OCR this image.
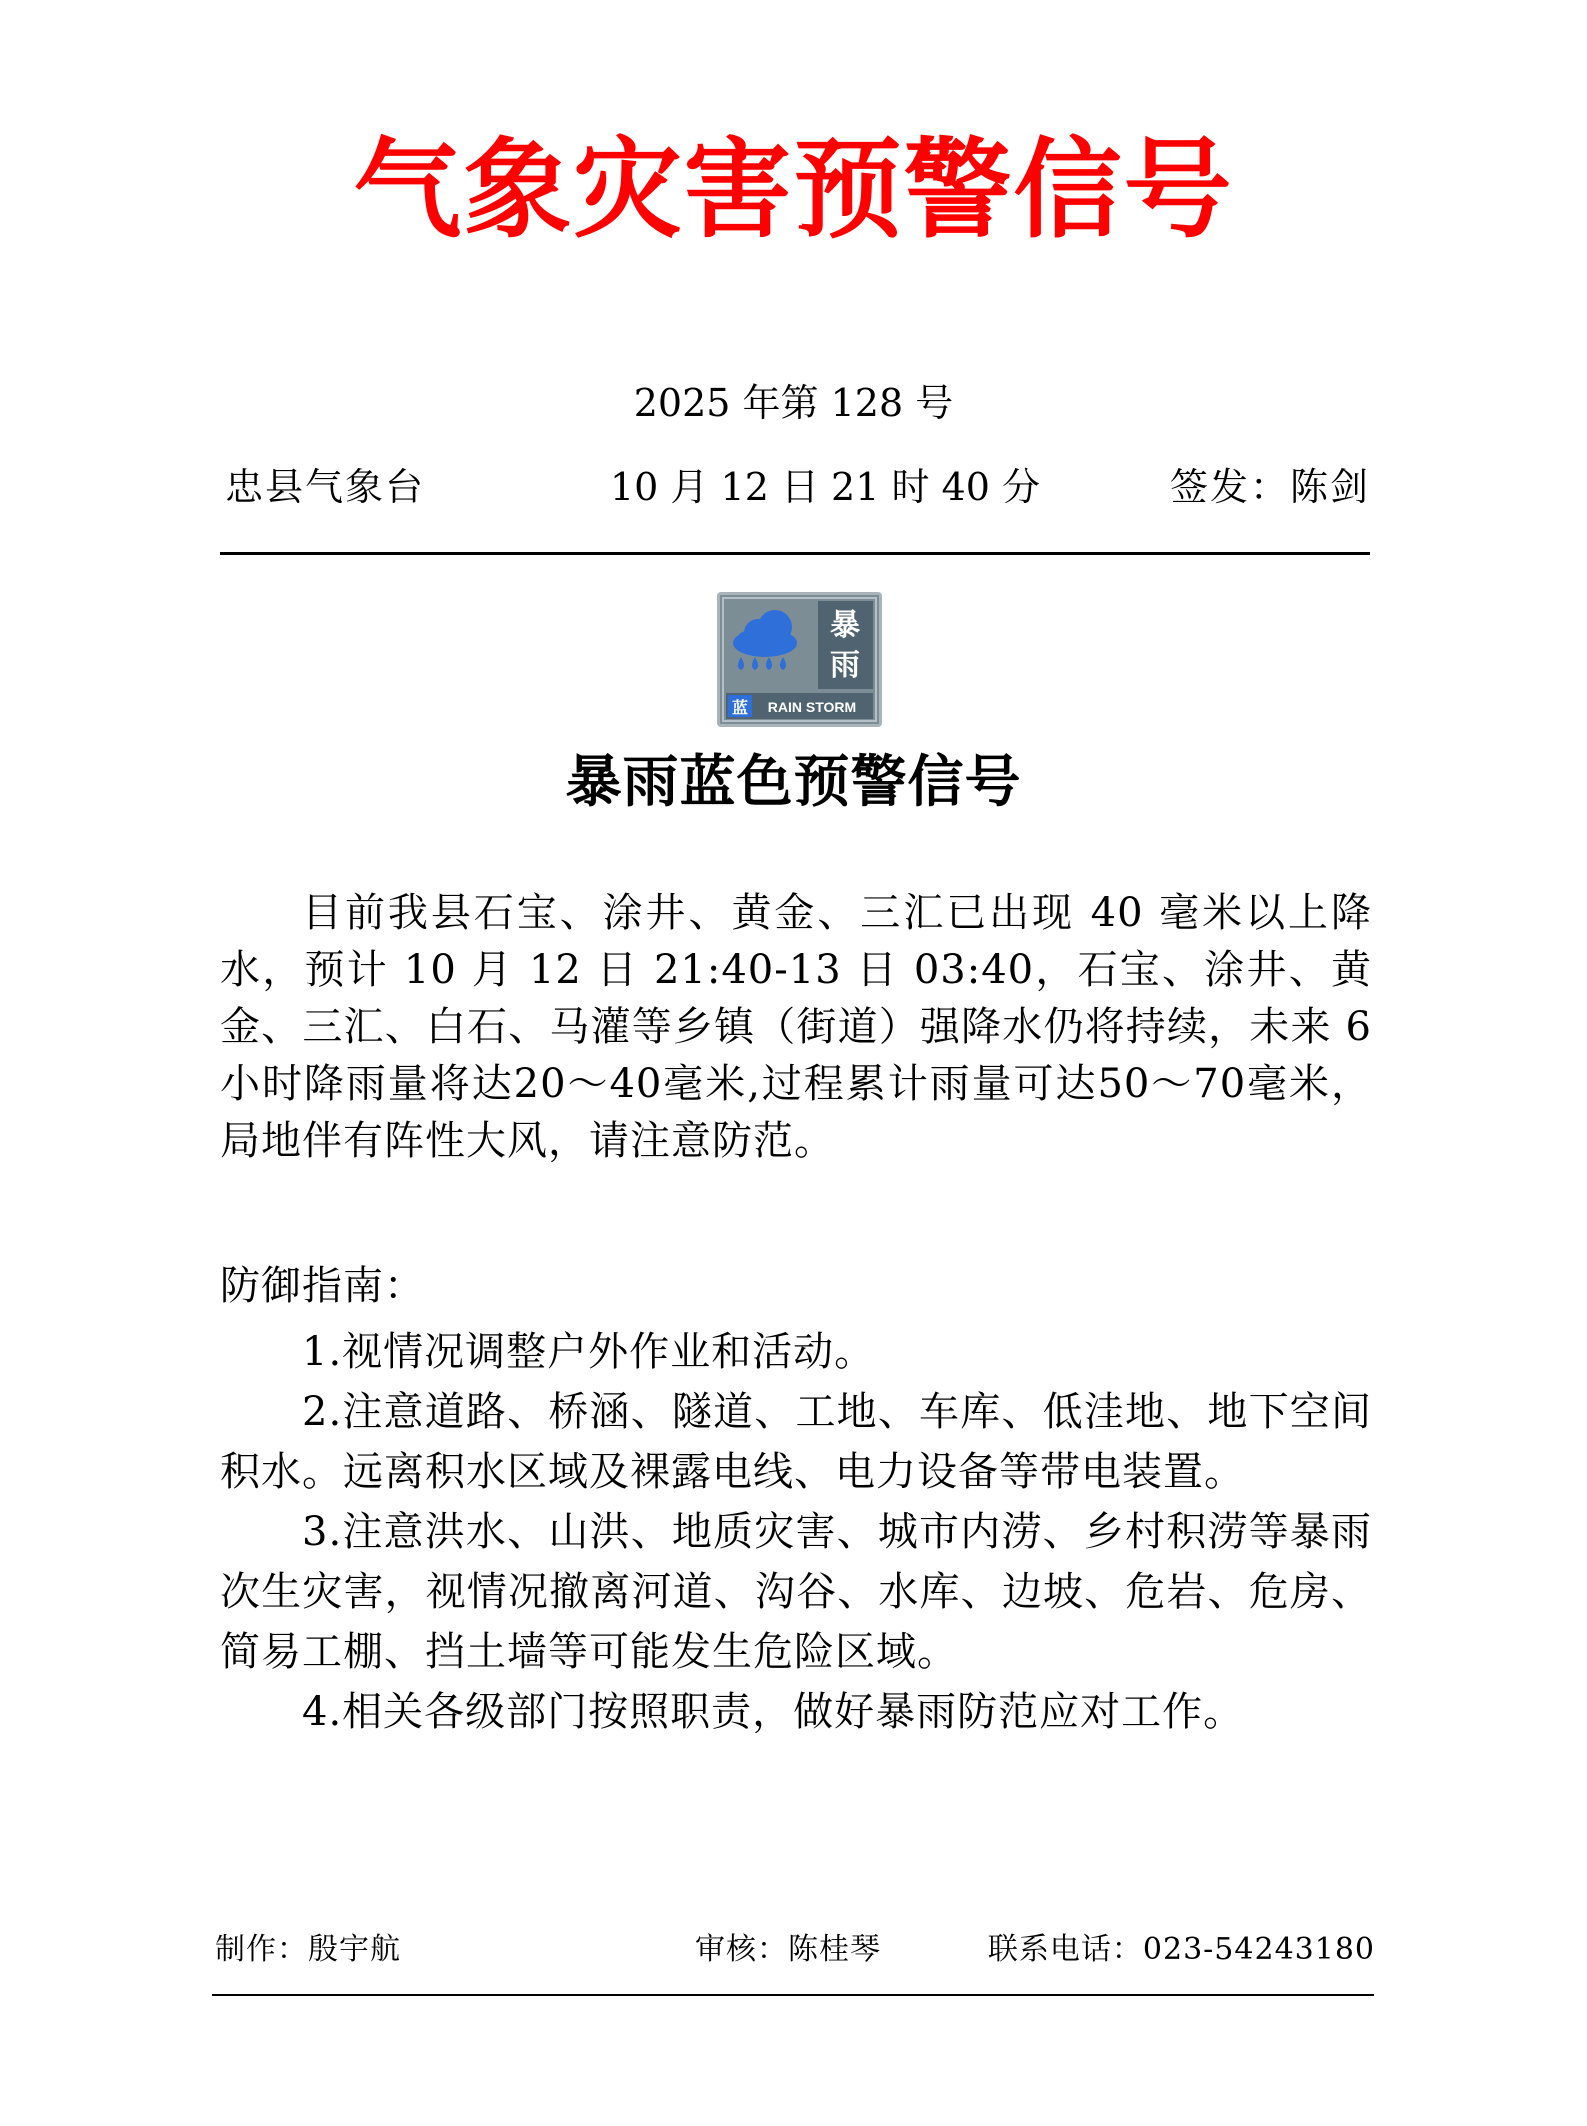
气象灾害预警信号
2025 年第 128 号
忠县气象台	10 月 12 日 21 时 40 分	签发：陈剑
暴
雨
蓝 RAIN STORM
暴雨蓝色预警信号
目前我县石宝、涂井、黄金、三汇已出现 40 毫米以上降水，预计 10 月 12 日 21:40-13 日 03:40，石宝、涂井、黄金、三汇、白石、马灌等乡镇（街道）强降水仍将持续，未来 6 小时降雨量将达20～40毫米,过程累计雨量可达50～70毫米，局地伴有阵性大风，请注意防范。
防御指南：
1.视情况调整户外作业和活动。
2.注意道路、桥涵、隧道、工地、车库、低洼地、地下空间积水。远离积水区域及裸露电线、电力设备等带电装置。
3.注意洪水、山洪、地质灾害、城市内涝、乡村积涝等暴雨次生灾害，视情况撤离河道、沟谷、水库、边坡、危岩、危房、简易工棚、挡土墙等可能发生危险区域。
4.相关各级部门按照职责，做好暴雨防范应对工作。
制作：殷宇航	审核：陈桂琴	联系电话：023-54243180
